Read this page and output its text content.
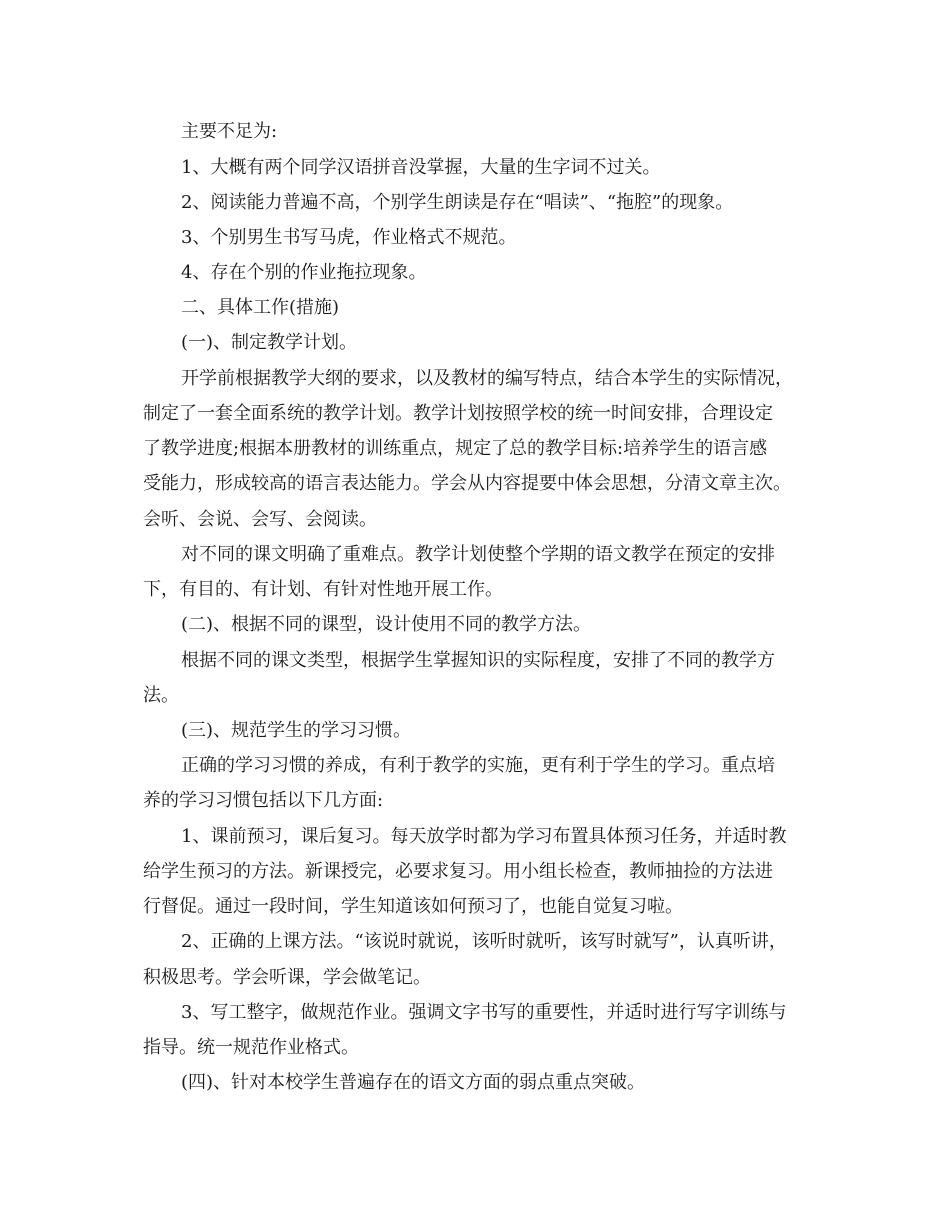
主要不足为:
1、大概有两个同学汉语拼音没掌握，大量的生字词不过关。
2、阅读能力普遍不高，个别学生朗读是存在“唱读”、“拖腔”的现象。
3、个别男生书写马虎，作业格式不规范。
4、存在个别的作业拖拉现象。
二、具体工作(措施)
(一)、制定教学计划。
开学前根据教学大纲的要求，以及教材的编写特点，结合本学生的实际情况，
制定了一套全面系统的教学计划。教学计划按照学校的统一时间安排，合理设定
了教学进度;根据本册教材的训练重点，规定了总的教学目标:培养学生的语言感
受能力，形成较高的语言表达能力。学会从内容提要中体会思想，分清文章主次。
会听、会说、会写、会阅读。
对不同的课文明确了重难点。教学计划使整个学期的语文教学在预定的安排
下，有目的、有计划、有针对性地开展工作。
(二)、根据不同的课型，设计使用不同的教学方法。
根据不同的课文类型，根据学生掌握知识的实际程度，安排了不同的教学方
法。
(三)、规范学生的学习习惯。
正确的学习习惯的养成，有利于教学的实施，更有利于学生的学习。重点培
养的学习习惯包括以下几方面:
1、课前预习，课后复习。每天放学时都为学习布置具体预习任务，并适时教
给学生预习的方法。新课授完，必要求复习。用小组长检查，教师抽捡的方法进
行督促。通过一段时间，学生知道该如何预习了，也能自觉复习啦。
2、正确的上课方法。“该说时就说，该听时就听，该写时就写”，认真听讲，
积极思考。学会听课，学会做笔记。
3、写工整字，做规范作业。强调文字书写的重要性，并适时进行写字训练与
指导。统一规范作业格式。
(四)、针对本校学生普遍存在的语文方面的弱点重点突破。
